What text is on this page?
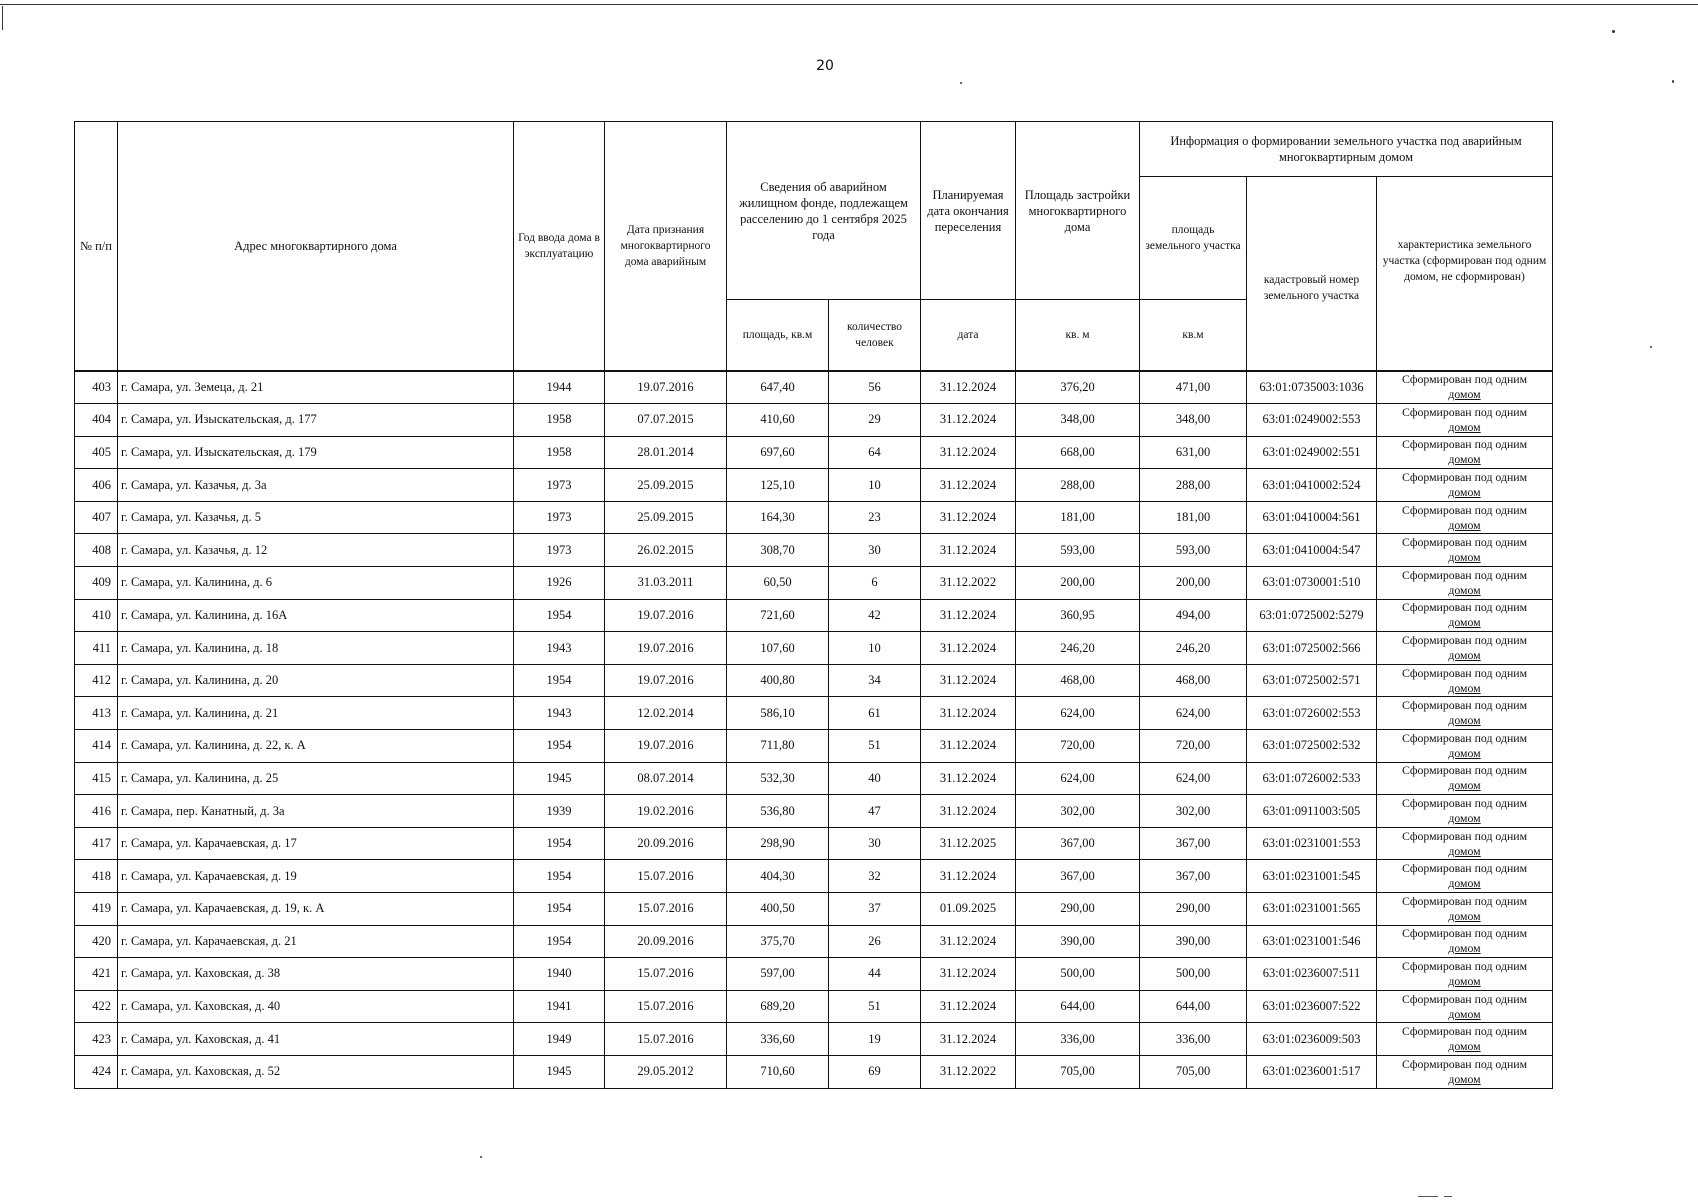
20
№ п/п	Адрес многоквартирного дома	Год ввода дома в эксплуатацию	Дата признания многоквартирного дома аварийным	Сведения об аварийном жилищном фонде, подлежащем расселению до 1 сентября 2025 года		Планируемая дата окончания переселения	Площадь застройки многоквартирного дома	Информация о формировании земельного участка под аварийным многоквартирным домом		
								площадь земельного участка	кадастровый номер земельного участка	характеристика земельного участка (сформирован под одним домом, не сформирован)
				площадь, кв.м	количество человек	дата	кв. м	кв.м		
403	г. Самара, ул. Земеца, д. 21	1944	19.07.2016	647,40	56	31.12.2024	376,20	471,00	63:01:0735003:1036	Сформирован под одним
домом

404	г. Самара, ул. Изыскательская, д. 177	1958	07.07.2015	410,60	29	31.12.2024	348,00	348,00	63:01:0249002:553	Сформирован под одним
домом

405	г. Самара, ул. Изыскательская, д. 179	1958	28.01.2014	697,60	64	31.12.2024	668,00	631,00	63:01:0249002:551	Сформирован под одним
домом

406	г. Самара, ул. Казачья, д. 3а	1973	25.09.2015	125,10	10	31.12.2024	288,00	288,00	63:01:0410002:524	Сформирован под одним
домом

407	г. Самара, ул. Казачья, д. 5	1973	25.09.2015	164,30	23	31.12.2024	181,00	181,00	63:01:0410004:561	Сформирован под одним
домом

408	г. Самара, ул. Казачья, д. 12	1973	26.02.2015	308,70	30	31.12.2024	593,00	593,00	63:01:0410004:547	Сформирован под одним
домом

409	г. Самара, ул. Калинина, д. 6	1926	31.03.2011	60,50	6	31.12.2022	200,00	200,00	63:01:0730001:510	Сформирован под одним
домом

410	г. Самара, ул. Калинина, д. 16А	1954	19.07.2016	721,60	42	31.12.2024	360,95	494,00	63:01:0725002:5279	Сформирован под одним
домом

411	г. Самара, ул. Калинина, д. 18	1943	19.07.2016	107,60	10	31.12.2024	246,20	246,20	63:01:0725002:566	Сформирован под одним
домом

412	г. Самара, ул. Калинина, д. 20	1954	19.07.2016	400,80	34	31.12.2024	468,00	468,00	63:01:0725002:571	Сформирован под одним
домом

413	г. Самара, ул. Калинина, д. 21	1943	12.02.2014	586,10	61	31.12.2024	624,00	624,00	63:01:0726002:553	Сформирован под одним
домом

414	г. Самара, ул. Калинина, д. 22, к. А	1954	19.07.2016	711,80	51	31.12.2024	720,00	720,00	63:01:0725002:532	Сформирован под одним
домом

415	г. Самара, ул. Калинина, д. 25	1945	08.07.2014	532,30	40	31.12.2024	624,00	624,00	63:01:0726002:533	Сформирован под одним
домом

416	г. Самара, пер. Канатный, д. 3а	1939	19.02.2016	536,80	47	31.12.2024	302,00	302,00	63:01:0911003:505	Сформирован под одним
домом

417	г. Самара, ул. Карачаевская, д. 17	1954	20.09.2016	298,90	30	31.12.2025	367,00	367,00	63:01:0231001:553	Сформирован под одним
домом

418	г. Самара, ул. Карачаевская, д. 19	1954	15.07.2016	404,30	32	31.12.2024	367,00	367,00	63:01:0231001:545	Сформирован под одним
домом

419	г. Самара, ул. Карачаевская, д. 19, к. А	1954	15.07.2016	400,50	37	01.09.2025	290,00	290,00	63:01:0231001:565	Сформирован под одним
домом

420	г. Самара, ул. Карачаевская, д. 21	1954	20.09.2016	375,70	26	31.12.2024	390,00	390,00	63:01:0231001:546	Сформирован под одним
домом

421	г. Самара, ул. Каховская, д. 38	1940	15.07.2016	597,00	44	31.12.2024	500,00	500,00	63:01:0236007:511	Сформирован под одним
домом

422	г. Самара, ул. Каховская, д. 40	1941	15.07.2016	689,20	51	31.12.2024	644,00	644,00	63:01:0236007:522	Сформирован под одним
домом

423	г. Самара, ул. Каховская, д. 41	1949	15.07.2016	336,60	19	31.12.2024	336,00	336,00	63:01:0236009:503	Сформирован под одним
домом

424	г. Самара, ул. Каховская, д. 52	1945	29.05.2012	710,60	69	31.12.2022	705,00	705,00	63:01:0236001:517	Сформирован под одним
домом
